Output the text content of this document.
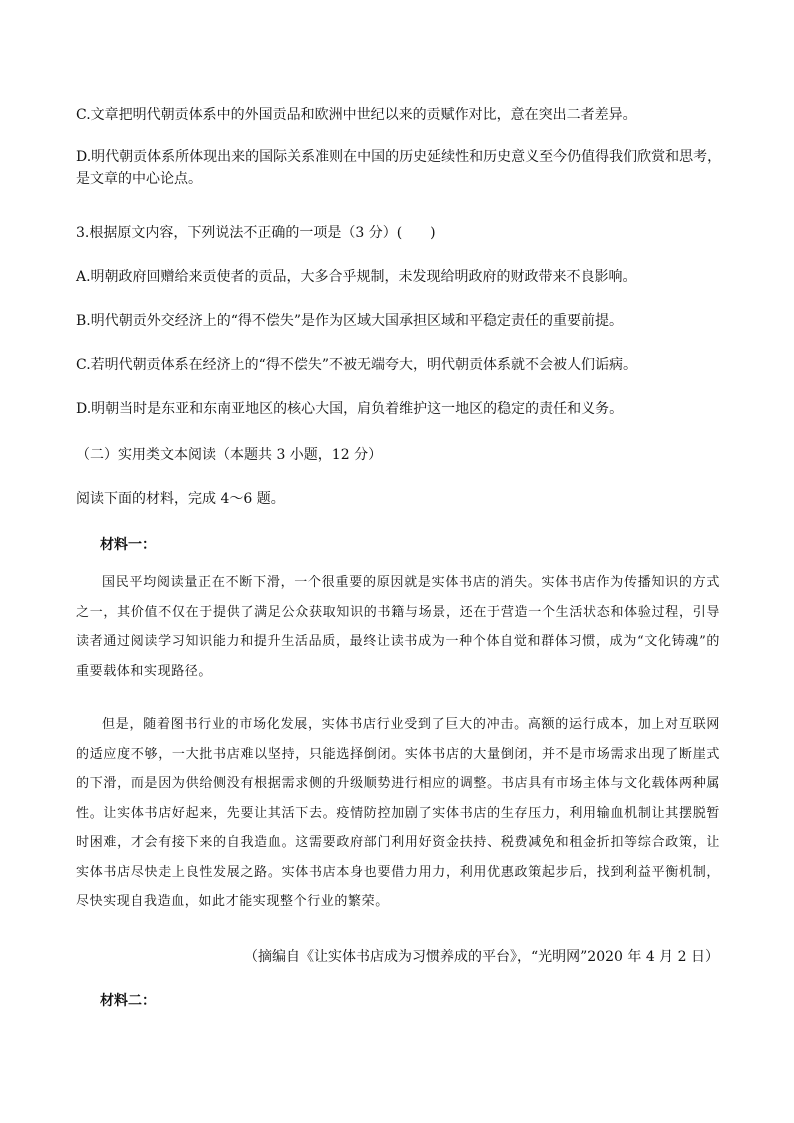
C.文章把明代朝贡体系中的外国贡品和欧洲中世纪以来的贡赋作对比，意在突出二者差异。
D.明代朝贡体系所体现出来的国际关系准则在中国的历史延续性和历史意义至今仍值得我们欣赏和思考，是文章的中心论点。
3.根据原文内容，下列说法不正确的一项是（3 分）(　　)
A.明朝政府回赠给来贡使者的贡品，大多合乎规制，未发现给明政府的财政带来不良影响。
B.明代朝贡外交经济上的“得不偿失”是作为区域大国承担区域和平稳定责任的重要前提。
C.若明代朝贡体系在经济上的“得不偿失”不被无端夸大，明代朝贡体系就不会被人们诟病。
D.明朝当时是东亚和东南亚地区的核心大国，肩负着维护这一地区的稳定的责任和义务。
（二）实用类文本阅读（本题共 3 小题，12 分）
阅读下面的材料，完成 4～6 题。
材料一：
国民平均阅读量正在不断下滑，一个很重要的原因就是实体书店的消失。实体书店作为传播知识的方式之一，其价值不仅在于提供了满足公众获取知识的书籍与场景，还在于营造一个生活状态和体验过程，引导读者通过阅读学习知识能力和提升生活品质，最终让读书成为一种个体自觉和群体习惯，成为“文化铸魂”的重要载体和实现路径。
但是，随着图书行业的市场化发展，实体书店行业受到了巨大的冲击。高额的运行成本，加上对互联网的适应度不够，一大批书店难以坚持，只能选择倒闭。实体书店的大量倒闭，并不是市场需求出现了断崖式的下滑，而是因为供给侧没有根据需求侧的升级顺势进行相应的调整。书店具有市场主体与文化载体两种属性。让实体书店好起来，先要让其活下去。疫情防控加剧了实体书店的生存压力，利用输血机制让其摆脱暂时困难，才会有接下来的自我造血。这需要政府部门利用好资金扶持、税费减免和租金折扣等综合政策，让实体书店尽快走上良性发展之路。实体书店本身也要借力用力，利用优惠政策起步后，找到利益平衡机制，尽快实现自我造血，如此才能实现整个行业的繁荣。
（摘编自《让实体书店成为习惯养成的平台》，“光明网”2020 年 4 月 2 日）
材料二：
